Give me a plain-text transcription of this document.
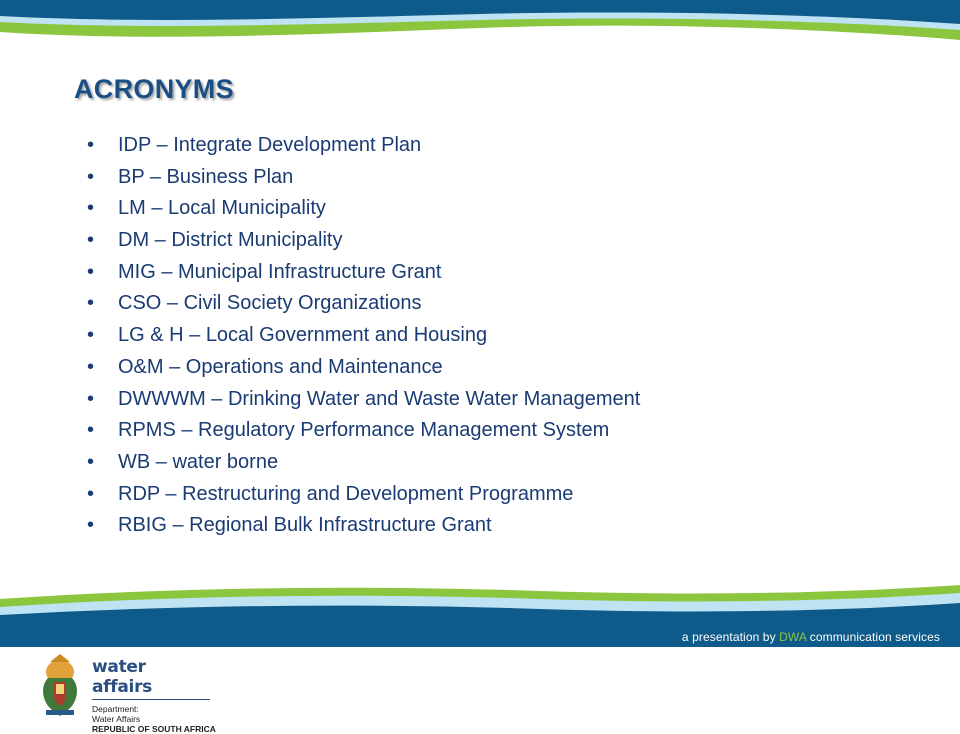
ACRONYMS
• IDP – Integrate Development Plan
• BP – Business Plan
• LM – Local Municipality
• DM – District Municipality
• MIG – Municipal Infrastructure Grant
• CSO – Civil Society Organizations
• LG & H – Local Government and Housing
• O&M – Operations and Maintenance
• DWWWM – Drinking Water and Waste Water Management
• RPMS – Regulatory Performance Management System
• WB – water borne
• RDP – Restructuring and Development Programme
• RBIG – Regional Bulk Infrastructure Grant
a presentation by DWA communication services
water affairs
Department:
Water Affairs
REPUBLIC OF SOUTH AFRICA
